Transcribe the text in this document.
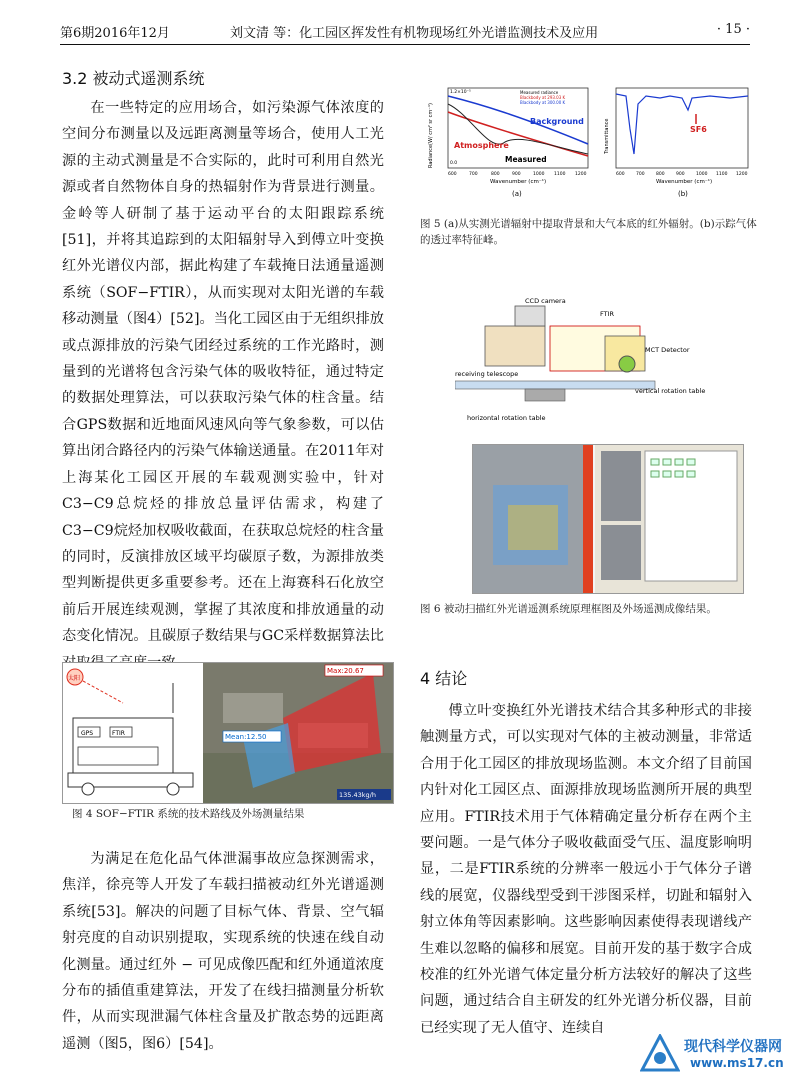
第6期2016年12月	刘文清 等：化工园区挥发性有机物现场红外光谱监测技术及应用	· 15 ·
3.2 被动式遥测系统

在一些特定的应用场合，如污染源气体浓度的空间分布测量以及远距离测量等场合，使用人工光源的主动式测量是不合实际的，此时可利用自然光源或者自然物体自身的热辐射作为背景进行测量。金岭等人研制了基于运动平台的太阳跟踪系统[51]，并将其追踪到的太阳辐射导入到傅立叶变换红外光谱仪内部，据此构建了车载掩日法通量遥测系统（SOF−FTIR），从而实现对太阳光谱的车载移动测量（图4）[52]。当化工园区由于无组织排放或点源排放的污染气团经过系统的工作光路时，测量到的光谱将包含污染气体的吸收特征，通过特定的数据处理算法，可以获取污染气体的柱含量。结合GPS数据和近地面风速风向等气象参数，可以估算出闭合路径内的污染气体输送通量。在2011年对上海某化工园区开展的车载观测实验中，针对C3−C9总烷烃的排放总量评估需求，构建了C3−C9烷烃加权吸收截面，在获取总烷烃的柱含量的同时，反演排放区域平均碳原子数，为源排放类型判断提供更多重要参考。还在上海赛科石化放空前后开展连续观测，掌握了其浓度和排放通量的动态变化情况。且碳原子数结果与GC采样数据算法比

太阳
GPS	FTIR
Max:20.67
Mean:12.50
135.43kg/h
图 4 SOF−FTIR 系统的技术路线及外场测量结果

为满足在危化品气体泄漏事故应急探测需求，焦洋，徐亮等人开发了车载扫描被动红外光谱遥测系统[53]。解决的问题了目标气体、背景、空气辐射亮度的自动识别提取，实现系统的快速在线自动化测量。通过红外 − 可见成像匹配和红外通道浓度分布的插值重建算法，开发了在线扫描测量分析软件，从而实现泄漏气体柱含量及扩散态势的远距离遥测（图5，图6）[54]。

1.2×10⁻⁵
0.0
Measured radiance
Blackbody at 293.03 K
Blackbody at 300.00 K
Background
Atmosphere
Measured
600	700	800	900	1000 1100 1200
Wavenumber (cm⁻¹)
Radiance(W/ cm² sr cm⁻¹)
(a)
SF6
600	700	800	900	1000 1100 1200
Wavenumber (cm⁻¹)
Transmittance
(b)
图 5 (a)从实测光谱辐射中提取背景和大气本底的红外辐射。(b)示踪气体的透过率特征峰。
CCD camera
FTIR
MCT Detector
receiving telescope
vertical rotation table
horizontal rotation table
图 6 被动扫描红外光谱遥测系统原理框图及外场遥测成像结果。
4 结论

傅立叶变换红外光谱技术结合其多种形式的非接触测量方式，可以实现对气体的主被动测量，非常适合用于化工园区的排放现场监测。本文介绍了目前国内针对化工园区点、面源排放现场监测所开展的典型应用。FTIR技术用于气体精确定量分析存在两个主要问题。一是气体分子吸收截面受气压、温度影响明显，二是FTIR系统的分辨率一般远小于气体分子谱线的展宽，仪器线型受到干涉图采样，切趾和辐射入射立体角等因素影响。这些影响因素使得表现谱线产生难以忽略的偏移和展宽。目前开发的基于数字合成校准的红外光谱气体定量分析方法较好的解决了这些问题，通过结合自主研发的红外光谱分析仪器，目前已经实现了无人值守、连续自

现代科学仪器网
www.ms17.cn
